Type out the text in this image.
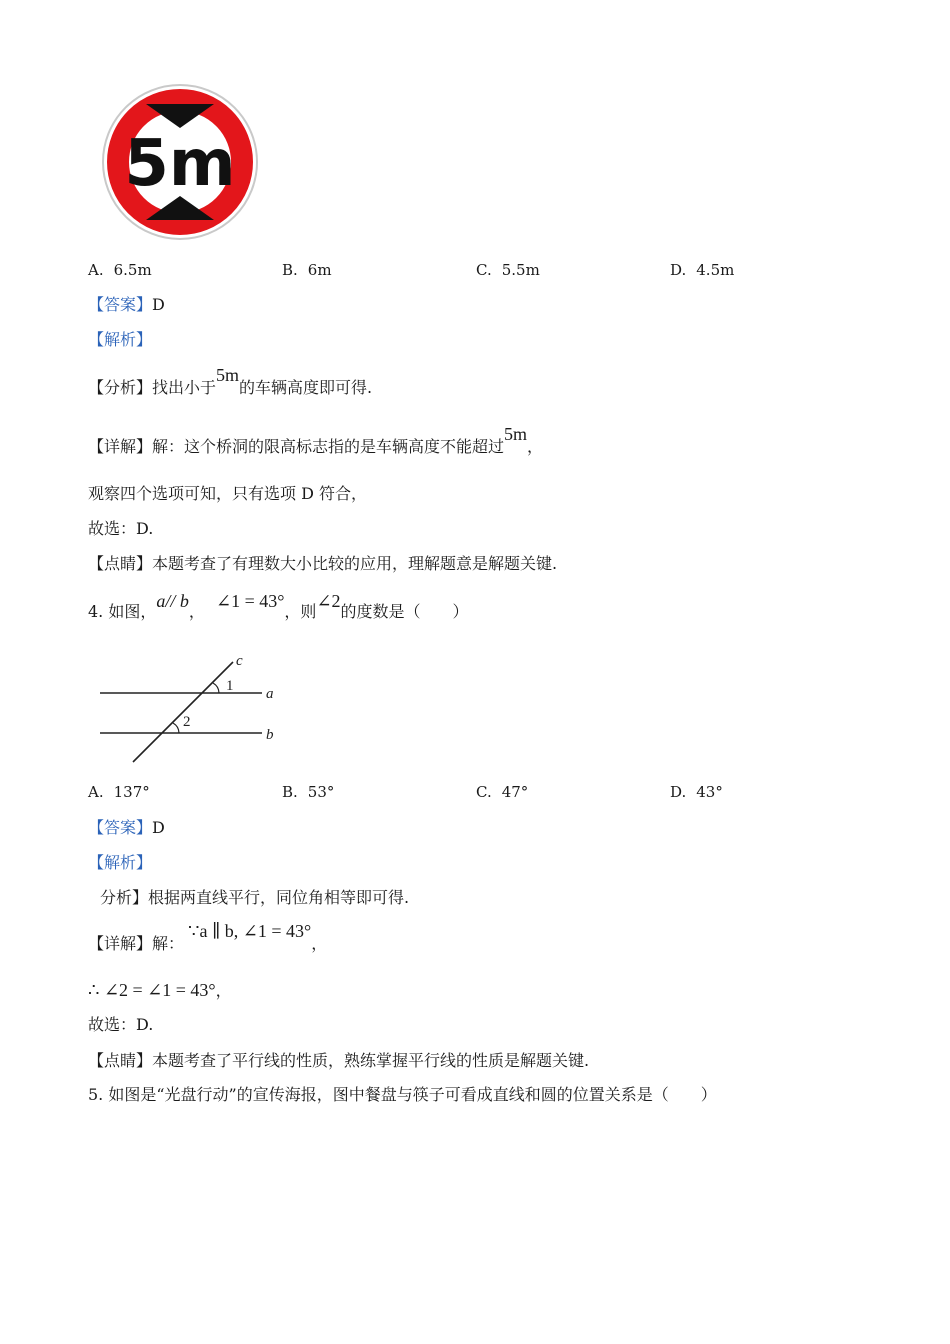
5m
A. 6.5m	B. 6m	C. 5.5m	D. 4.5m
【答案】D
【解析】
【分析】找出小于5m的车辆高度即可得.
【详解】解：这个桥洞的限高标志指的是车辆高度不能超过5m，
观察四个选项可知，只有选项 D 符合，
故选：D.
【点睛】本题考查了有理数大小比较的应用，理解题意是解题关键.
4. 如图，a// b， ∠1 = 43°，则∠2的度数是（　　）
c
a
b
1
2
A. 137°	B. 53°	C. 47°	D. 43°
【答案】D
【解析】
分析】根据两直线平行，同位角相等即可得.
【详解】解：∵a ∥ b, ∠1 = 43°，
∴ ∠2 = ∠1 = 43°，
故选：D.
【点睛】本题考查了平行线的性质，熟练掌握平行线的性质是解题关键.
5. 如图是“光盘行动”的宣传海报，图中餐盘与筷子可看成直线和圆的位置关系是（　　）
